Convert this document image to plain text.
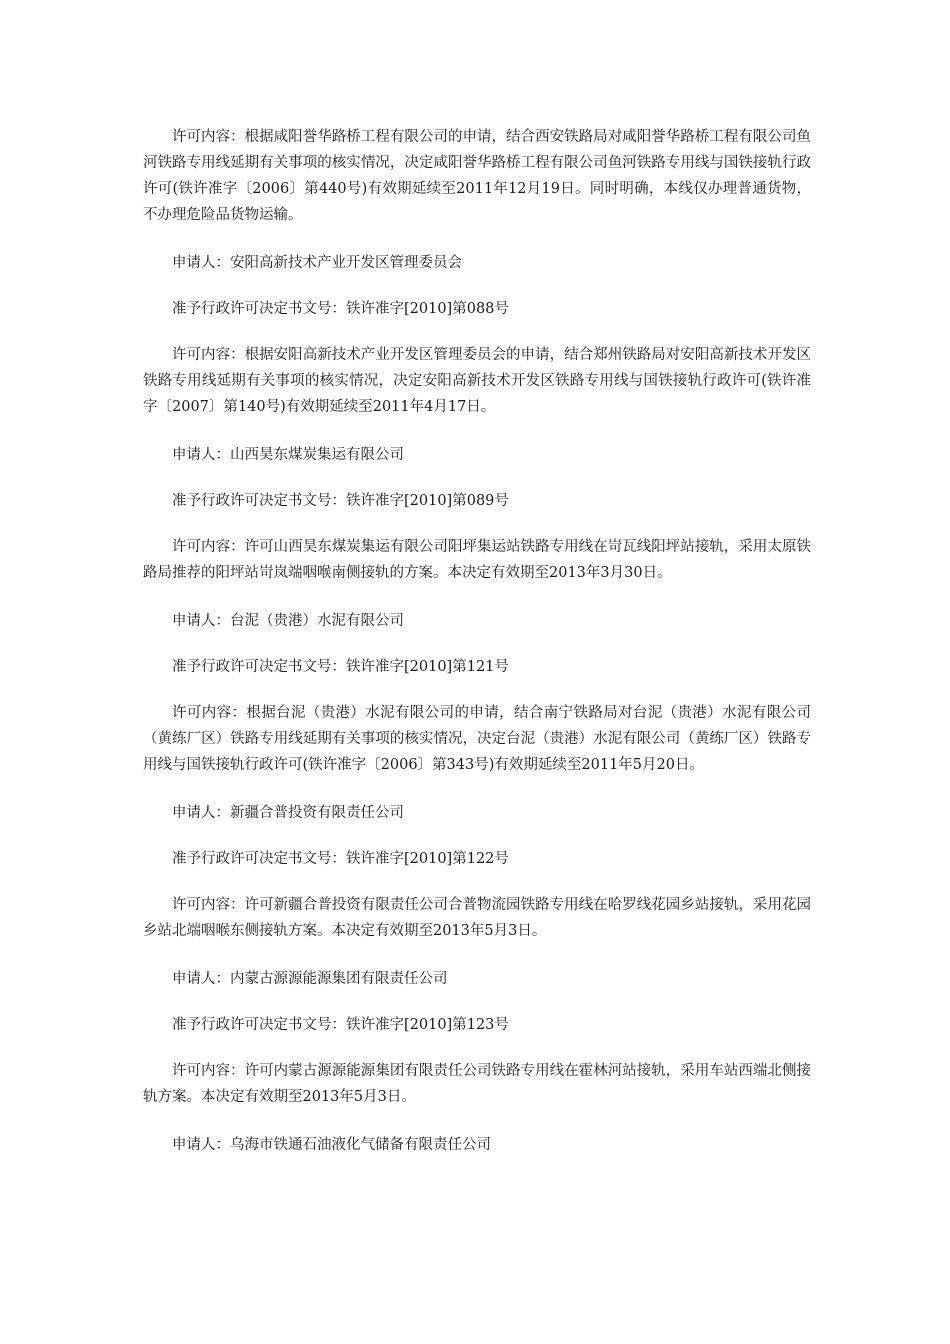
许可内容：根据咸阳誉华路桥工程有限公司的申请，结合西安铁路局对咸阳誉华路桥工程有限公司鱼河铁路专用线延期有关事项的核实情况，决定咸阳誉华路桥工程有限公司鱼河铁路专用线与国铁接轨行政许可(铁许准字〔2006〕第440号)有效期延续至2011年12月19日。同时明确，本线仅办理普通货物，不办理危险品货物运输。

申请人：安阳高新技术产业开发区管理委员会

准予行政许可决定书文号：铁许准字[2010]第088号

许可内容：根据安阳高新技术产业开发区管理委员会的申请，结合郑州铁路局对安阳高新技术开发区铁路专用线延期有关事项的核实情况，决定安阳高新技术开发区铁路专用线与国铁接轨行政许可(铁许准字〔2007〕第140号)有效期延续至2011年4月17日。

申请人：山西昊东煤炭集运有限公司

准予行政许可决定书文号：铁许准字[2010]第089号

许可内容：许可山西昊东煤炭集运有限公司阳坪集运站铁路专用线在岢瓦线阳坪站接轨，采用太原铁路局推荐的阳坪站岢岚端咽喉南侧接轨的方案。本决定有效期至2013年3月30日。

申请人：台泥（贵港）水泥有限公司

准予行政许可决定书文号：铁许准字[2010]第121号

许可内容：根据台泥（贵港）水泥有限公司的申请，结合南宁铁路局对台泥（贵港）水泥有限公司（黄练厂区）铁路专用线延期有关事项的核实情况，决定台泥（贵港）水泥有限公司（黄练厂区）铁路专用线与国铁接轨行政许可(铁许准字〔2006〕第343号)有效期延续至2011年5月20日。

申请人：新疆合普投资有限责任公司

准予行政许可决定书文号：铁许准字[2010]第122号

许可内容：许可新疆合普投资有限责任公司合普物流园铁路专用线在哈罗线花园乡站接轨，采用花园乡站北端咽喉东侧接轨方案。本决定有效期至2013年5月3日。

申请人：内蒙古源源能源集团有限责任公司

准予行政许可决定书文号：铁许准字[2010]第123号

许可内容：许可内蒙古源源能源集团有限责任公司铁路专用线在霍林河站接轨，采用车站西端北侧接轨方案。本决定有效期至2013年5月3日。

申请人：乌海市铁通石油液化气储备有限责任公司
